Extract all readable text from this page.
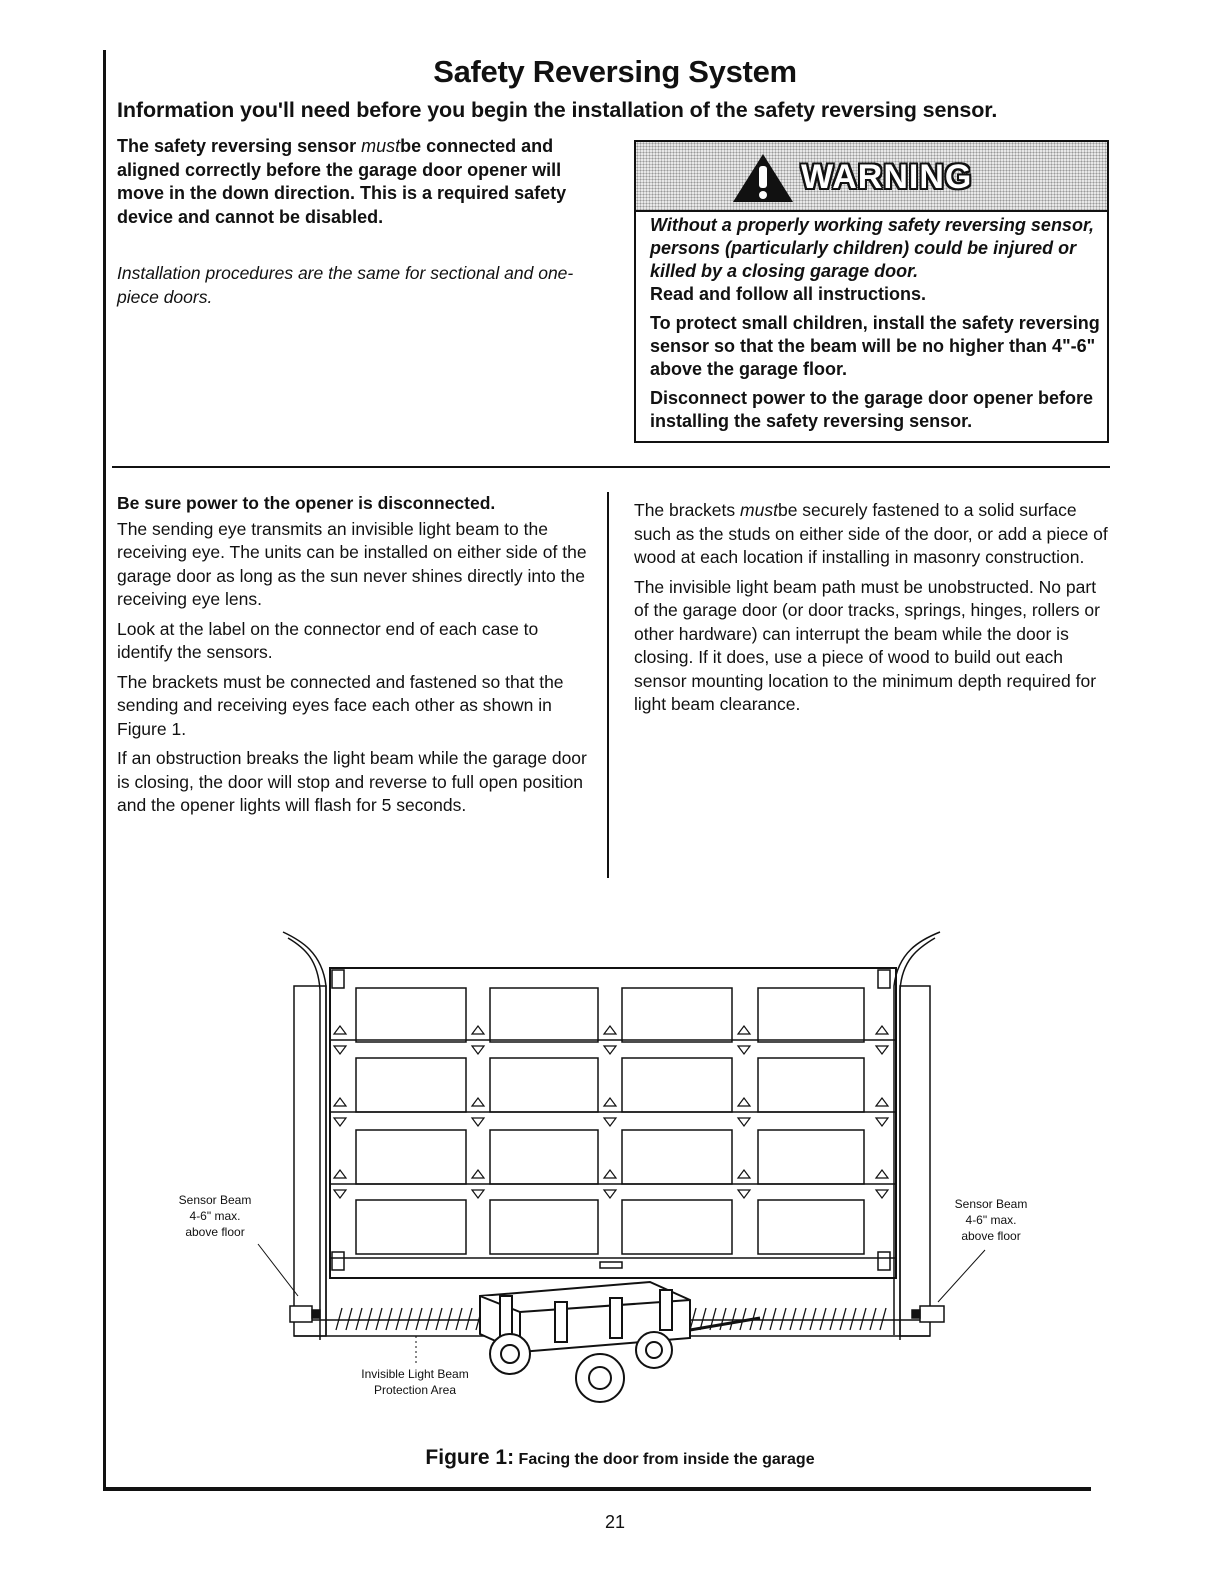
Safety Reversing System
Information you'll need before you begin the installation of the safety reversing sensor.
The safety reversing sensor mustbe connected and aligned correctly before the garage door opener will move in the down direction. This is a required safety device and cannot be disabled.
Installation procedures are the same for sectional and one-piece doors.
WARNING

Without a properly working safety reversing sensor, persons (particularly children) could be injured or killed by a closing garage door.
Read and follow all instructions.

To protect small children, install the safety reversing sensor so that the beam will be no higher than 4"-6" above the garage floor.

Disconnect power to the garage door opener before installing the safety reversing sensor.

Be sure power to the opener is disconnected.

The sending eye transmits an invisible light beam to the receiving eye. The units can be installed on either side of the garage door as long as the sun never shines directly into the receiving eye lens.

Look at the label on the connector end of each case to identify the sensors.

The brackets must be connected and fastened so that the sending and receiving eyes face each other as shown in Figure 1.

If an obstruction breaks the light beam while the garage door is closing, the door will stop and reverse to full open position and the opener lights will flash for 5 seconds.

The brackets mustbe securely fastened to a solid surface such as the studs on either side of the door, or add a piece of wood at each location if installing in masonry construction.

The invisible light beam path must be unobstructed. No part of the garage door (or door tracks, springs, hinges, rollers or other hardware) can interrupt the beam while the door is closing. If it does, use a piece of wood to build out each sensor mounting location to the minimum depth required for light beam clearance.

Sensor Beam
4-6" max.
above floor
Sensor Beam
4-6" max.
above floor
Invisible Light Beam
Protection Area
Figure 1: Facing the door from inside the garage
21
